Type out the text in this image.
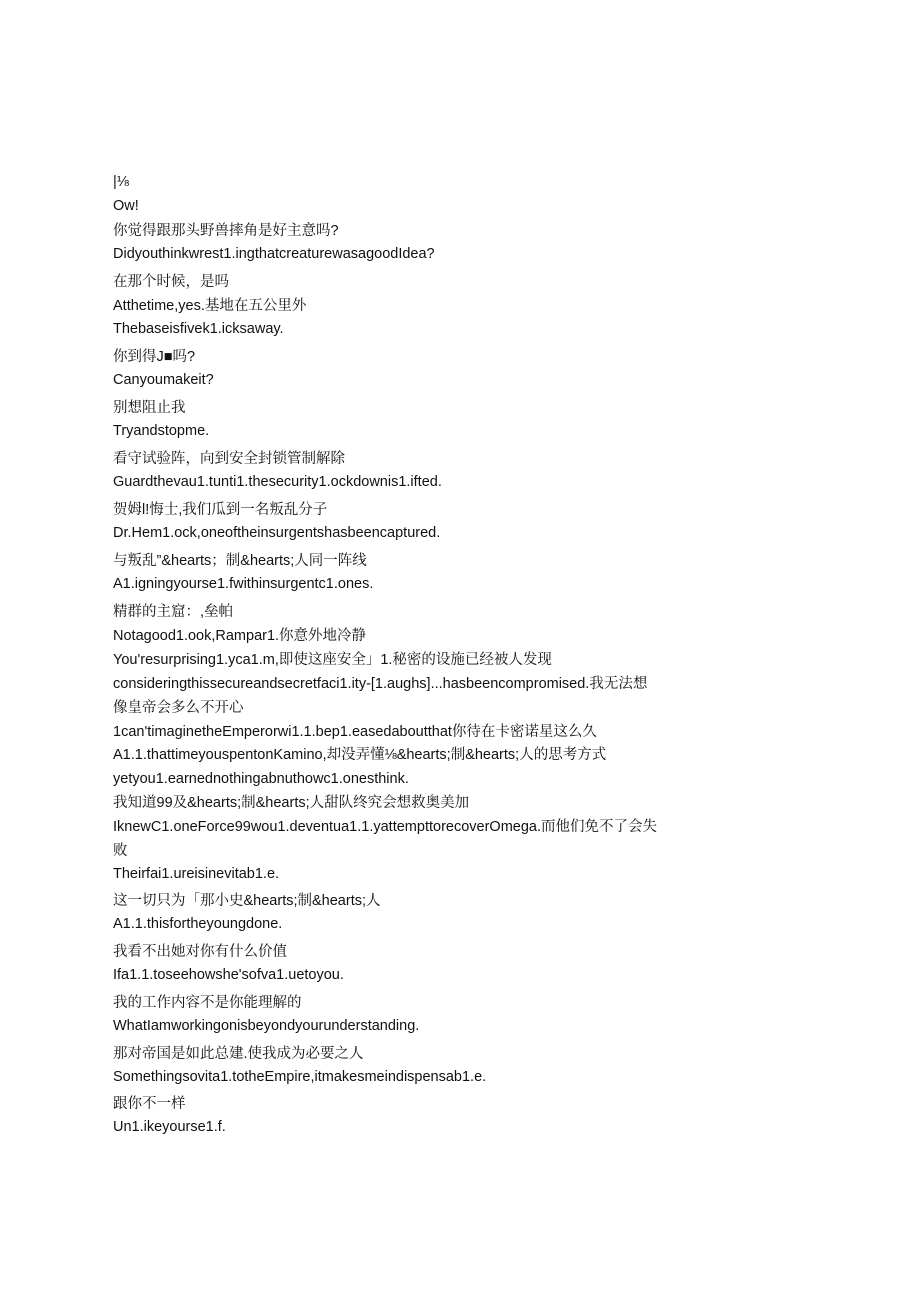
|⅛
Ow!
你觉得跟那头野兽摔角是好主意吗?
Didyouthinkwrest1.ingthatcreaturewasagoodIdea?
在那个时候，是吗
Atthetime,yes.基地在五公里外
Thebaseisfivek1.icksaway.
你到得J■吗?
Canyoumakeit?
别想阻止我
Tryandstopme.
看守试验阵，向到安全封锁管制解除
Guardthevau1.tunti1.thesecurity1.ockdownis1.ifted.
贺姆l!悔士,我们瓜到一名叛乱分子
Dr.Hem1.ock,oneoftheinsurgentshasbeencaptured.
与叛乱”&hearts；制&hearts;人同一阵线
A1.igningyourse1.fwithinsurgentc1.ones.
精群的主窟：,垒帕
Notagood1.ook,Rampar1.你意外地冷静
You'resurprising1.yca1.m,即使这座安全」1.秘密的设施已经被人发现
consideringthissecureandsecretfaci1.ity-[1.aughs]...hasbeencompromised.我无法想
像皇帝会多么不开心
1can'timaginetheEmperorwi1.1.bep1.easedaboutthat你待在卡密诺星这么久
A1.1.thattimeyouspentonKamino,却没弄懂⅛&hearts;制&hearts;人的思考方式
yetyou1.earnednothingabnuthowc1.onesthink.
我知道99及&hearts;制&hearts;人甜队终究会想救奥美加
IknewC1.oneForce99wou1.deventua1.1.yattempttorecoverOmega.而他们免不了会失
败
Theirfai1.ureisinevitab1.e.
这一切只为「那小史&hearts;制&hearts;人
A1.1.thisfortheyoungdone.
我看不出她对你有什么价值
Ifa1.1.toseehowshe'sofva1.uetoyou.
我的工作内容不是你能理解的
WhatIamworkingonisbeyondyourunderstanding.
那对帝国是如此总建.使我成为必要之人
Somethingsovita1.totheEmpire,itmakesmeindispensab1.e.
跟你不一样
Un1.ikeyourse1.f.
